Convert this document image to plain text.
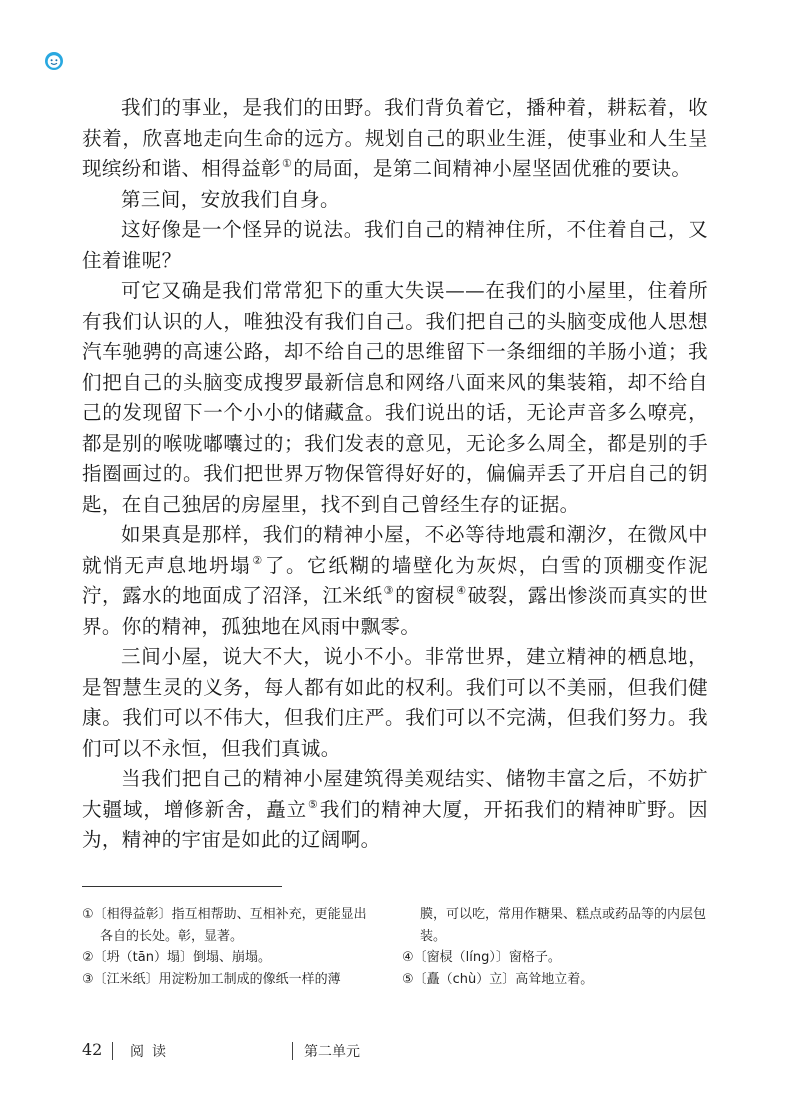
我们的事业，是我们的田野。我们背负着它，播种着，耕耘着，收获着，欣喜地走向生命的远方。规划自己的职业生涯，使事业和人生呈现缤纷和谐、相得益彰①的局面，是第二间精神小屋坚固优雅的要诀。

第三间，安放我们自身。

这好像是一个怪异的说法。我们自己的精神住所，不住着自己，又住着谁呢？

可它又确是我们常常犯下的重大失误——在我们的小屋里，住着所有我们认识的人，唯独没有我们自己。我们把自己的头脑变成他人思想汽车驰骋的高速公路，却不给自己的思维留下一条细细的羊肠小道；我们把自己的头脑变成搜罗最新信息和网络八面来风的集装箱，却不给自己的发现留下一个小小的储藏盒。我们说出的话，无论声音多么嘹亮，都是别的喉咙嘟囔过的；我们发表的意见，无论多么周全，都是别的手指圈画过的。我们把世界万物保管得好好的，偏偏弄丢了开启自己的钥匙，在自己独居的房屋里，找不到自己曾经生存的证据。

如果真是那样，我们的精神小屋，不必等待地震和潮汐，在微风中就悄无声息地坍塌②了。它纸糊的墙壁化为灰烬，白雪的顶棚变作泥泞，露水的地面成了沼泽，江米纸③的窗棂④破裂，露出惨淡而真实的世界。你的精神，孤独地在风雨中飘零。

三间小屋，说大不大，说小不小。非常世界，建立精神的栖息地，是智慧生灵的义务，每人都有如此的权利。我们可以不美丽，但我们健康。我们可以不伟大，但我们庄严。我们可以不完满，但我们努力。我们可以不永恒，但我们真诚。

当我们把自己的精神小屋建筑得美观结实、储物丰富之后，不妨扩大疆域，增修新舍，矗立⑤我们的精神大厦，开拓我们的精神旷野。因为，精神的宇宙是如此的辽阔啊。

①〔相得益彰〕指互相帮助、互相补充，更能显出各自的长处。彰，显著。

②〔坍（tān）塌〕倒塌、崩塌。

③〔江米纸〕用淀粉加工制成的像纸一样的薄

膜，可以吃，常用作糖果、糕点或药品等的内层包装。

④〔窗棂（líng）〕窗格子。

⑤〔矗（chù）立〕高耸地立着。

42 阅读	第二单元
